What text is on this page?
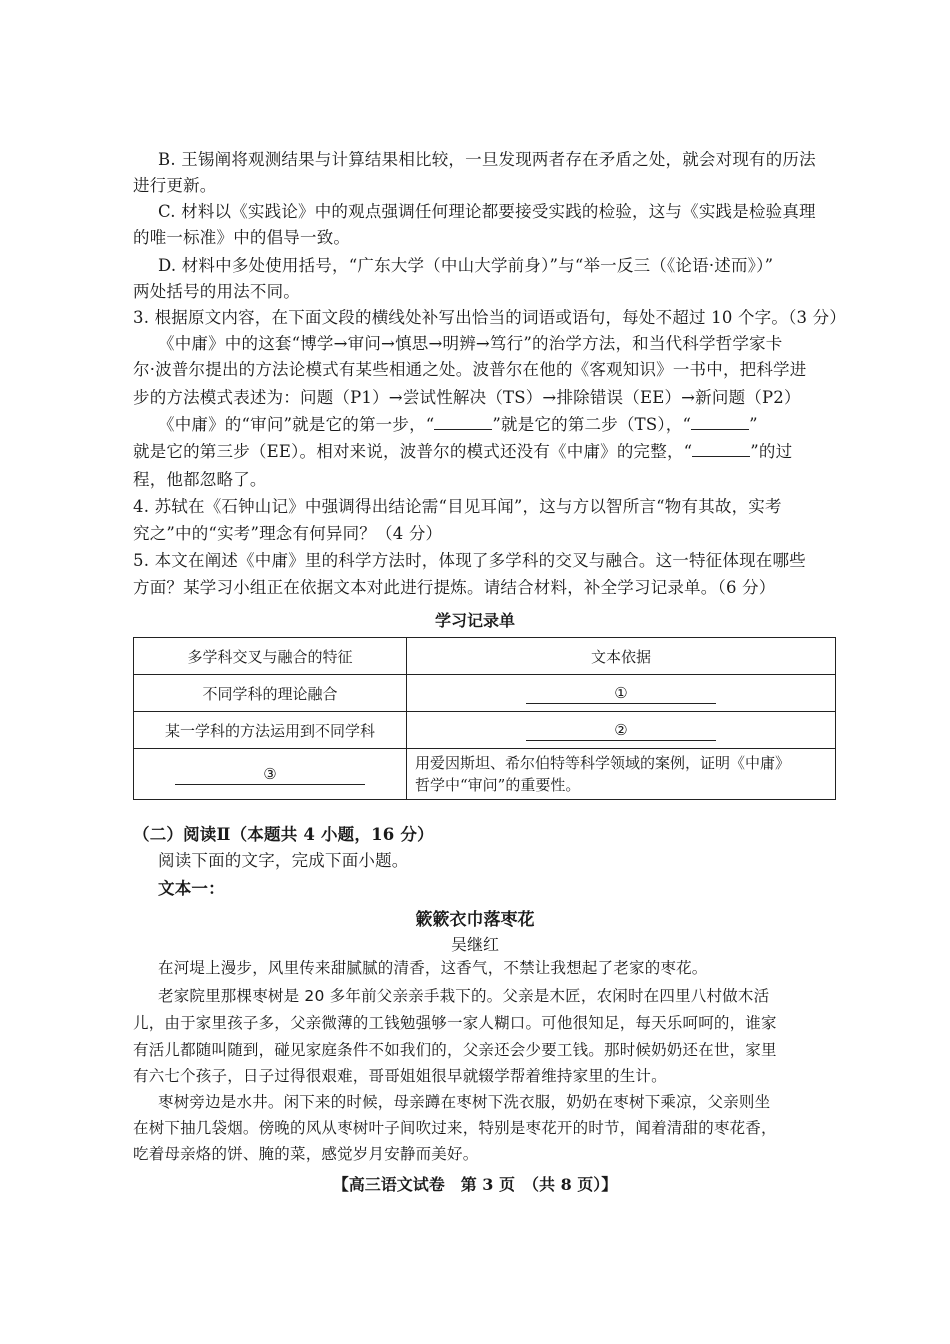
B. 王锡阐将观测结果与计算结果相比较，一旦发现两者存在矛盾之处，就会对现有的历法
进行更新。
C. 材料以《实践论》中的观点强调任何理论都要接受实践的检验，这与《实践是检验真理
的唯一标准》中的倡导一致。
D. 材料中多处使用括号，“广东大学（中山大学前身）”与“举一反三（《论语·述而》）”
两处括号的用法不同。
3. 根据原文内容，在下面文段的横线处补写出恰当的词语或语句，每处不超过 10 个字。（3 分）
《中庸》中的这套“博学→审问→慎思→明辨→笃行”的治学方法，和当代科学哲学家卡
尔·波普尔提出的方法论模式有某些相通之处。波普尔在他的《客观知识》一书中，把科学进
步的方法模式表述为：问题（P1）→尝试性解决（TS）→排除错误（EE）→新问题（P2）
《中庸》的“审问”就是它的第一步，“	”就是它的第二步（TS），“	”
就是它的第三步（EE）。相对来说，波普尔的模式还没有《中庸》的完整，“	”的过
程，他都忽略了。
4. 苏轼在《石钟山记》中强调得出结论需“目见耳闻”，这与方以智所言“物有其故，实考
究之”中的“实考”理念有何异同？（4 分）
5. 本文在阐述《中庸》里的科学方法时，体现了多学科的交叉与融合。这一特征体现在哪些
方面？某学习小组正在依据文本对此进行提炼。请结合材料，补全学习记录单。（6 分）
学习记录单
多学科交叉与融合的特征	文本依据
不同学科的理论融合	①
某一学科的方法运用到不同学科	②
③	用爱因斯坦、希尔伯特等科学领域的案例，证明《中庸》
哲学中“审问”的重要性。
（二）阅读Ⅱ（本题共 4 小题，16 分）
阅读下面的文字，完成下面小题。
文本一：
簌簌衣巾落枣花
吴继红
在河堤上漫步，风里传来甜腻腻的清香，这香气，不禁让我想起了老家的枣花。
老家院里那棵枣树是 20 多年前父亲亲手栽下的。父亲是木匠，农闲时在四里八村做木活
儿，由于家里孩子多，父亲微薄的工钱勉强够一家人糊口。可他很知足，每天乐呵呵的，谁家
有活儿都随叫随到，碰见家庭条件不如我们的，父亲还会少要工钱。那时候奶奶还在世，家里
有六七个孩子，日子过得很艰难，哥哥姐姐很早就辍学帮着维持家里的生计。
枣树旁边是水井。闲下来的时候，母亲蹲在枣树下洗衣服，奶奶在枣树下乘凉，父亲则坐
在树下抽几袋烟。傍晚的风从枣树叶子间吹过来，特别是枣花开的时节，闻着清甜的枣花香，
吃着母亲烙的饼、腌的菜，感觉岁月安静而美好。
【高三语文试卷　第 3 页　（共 8 页）】
